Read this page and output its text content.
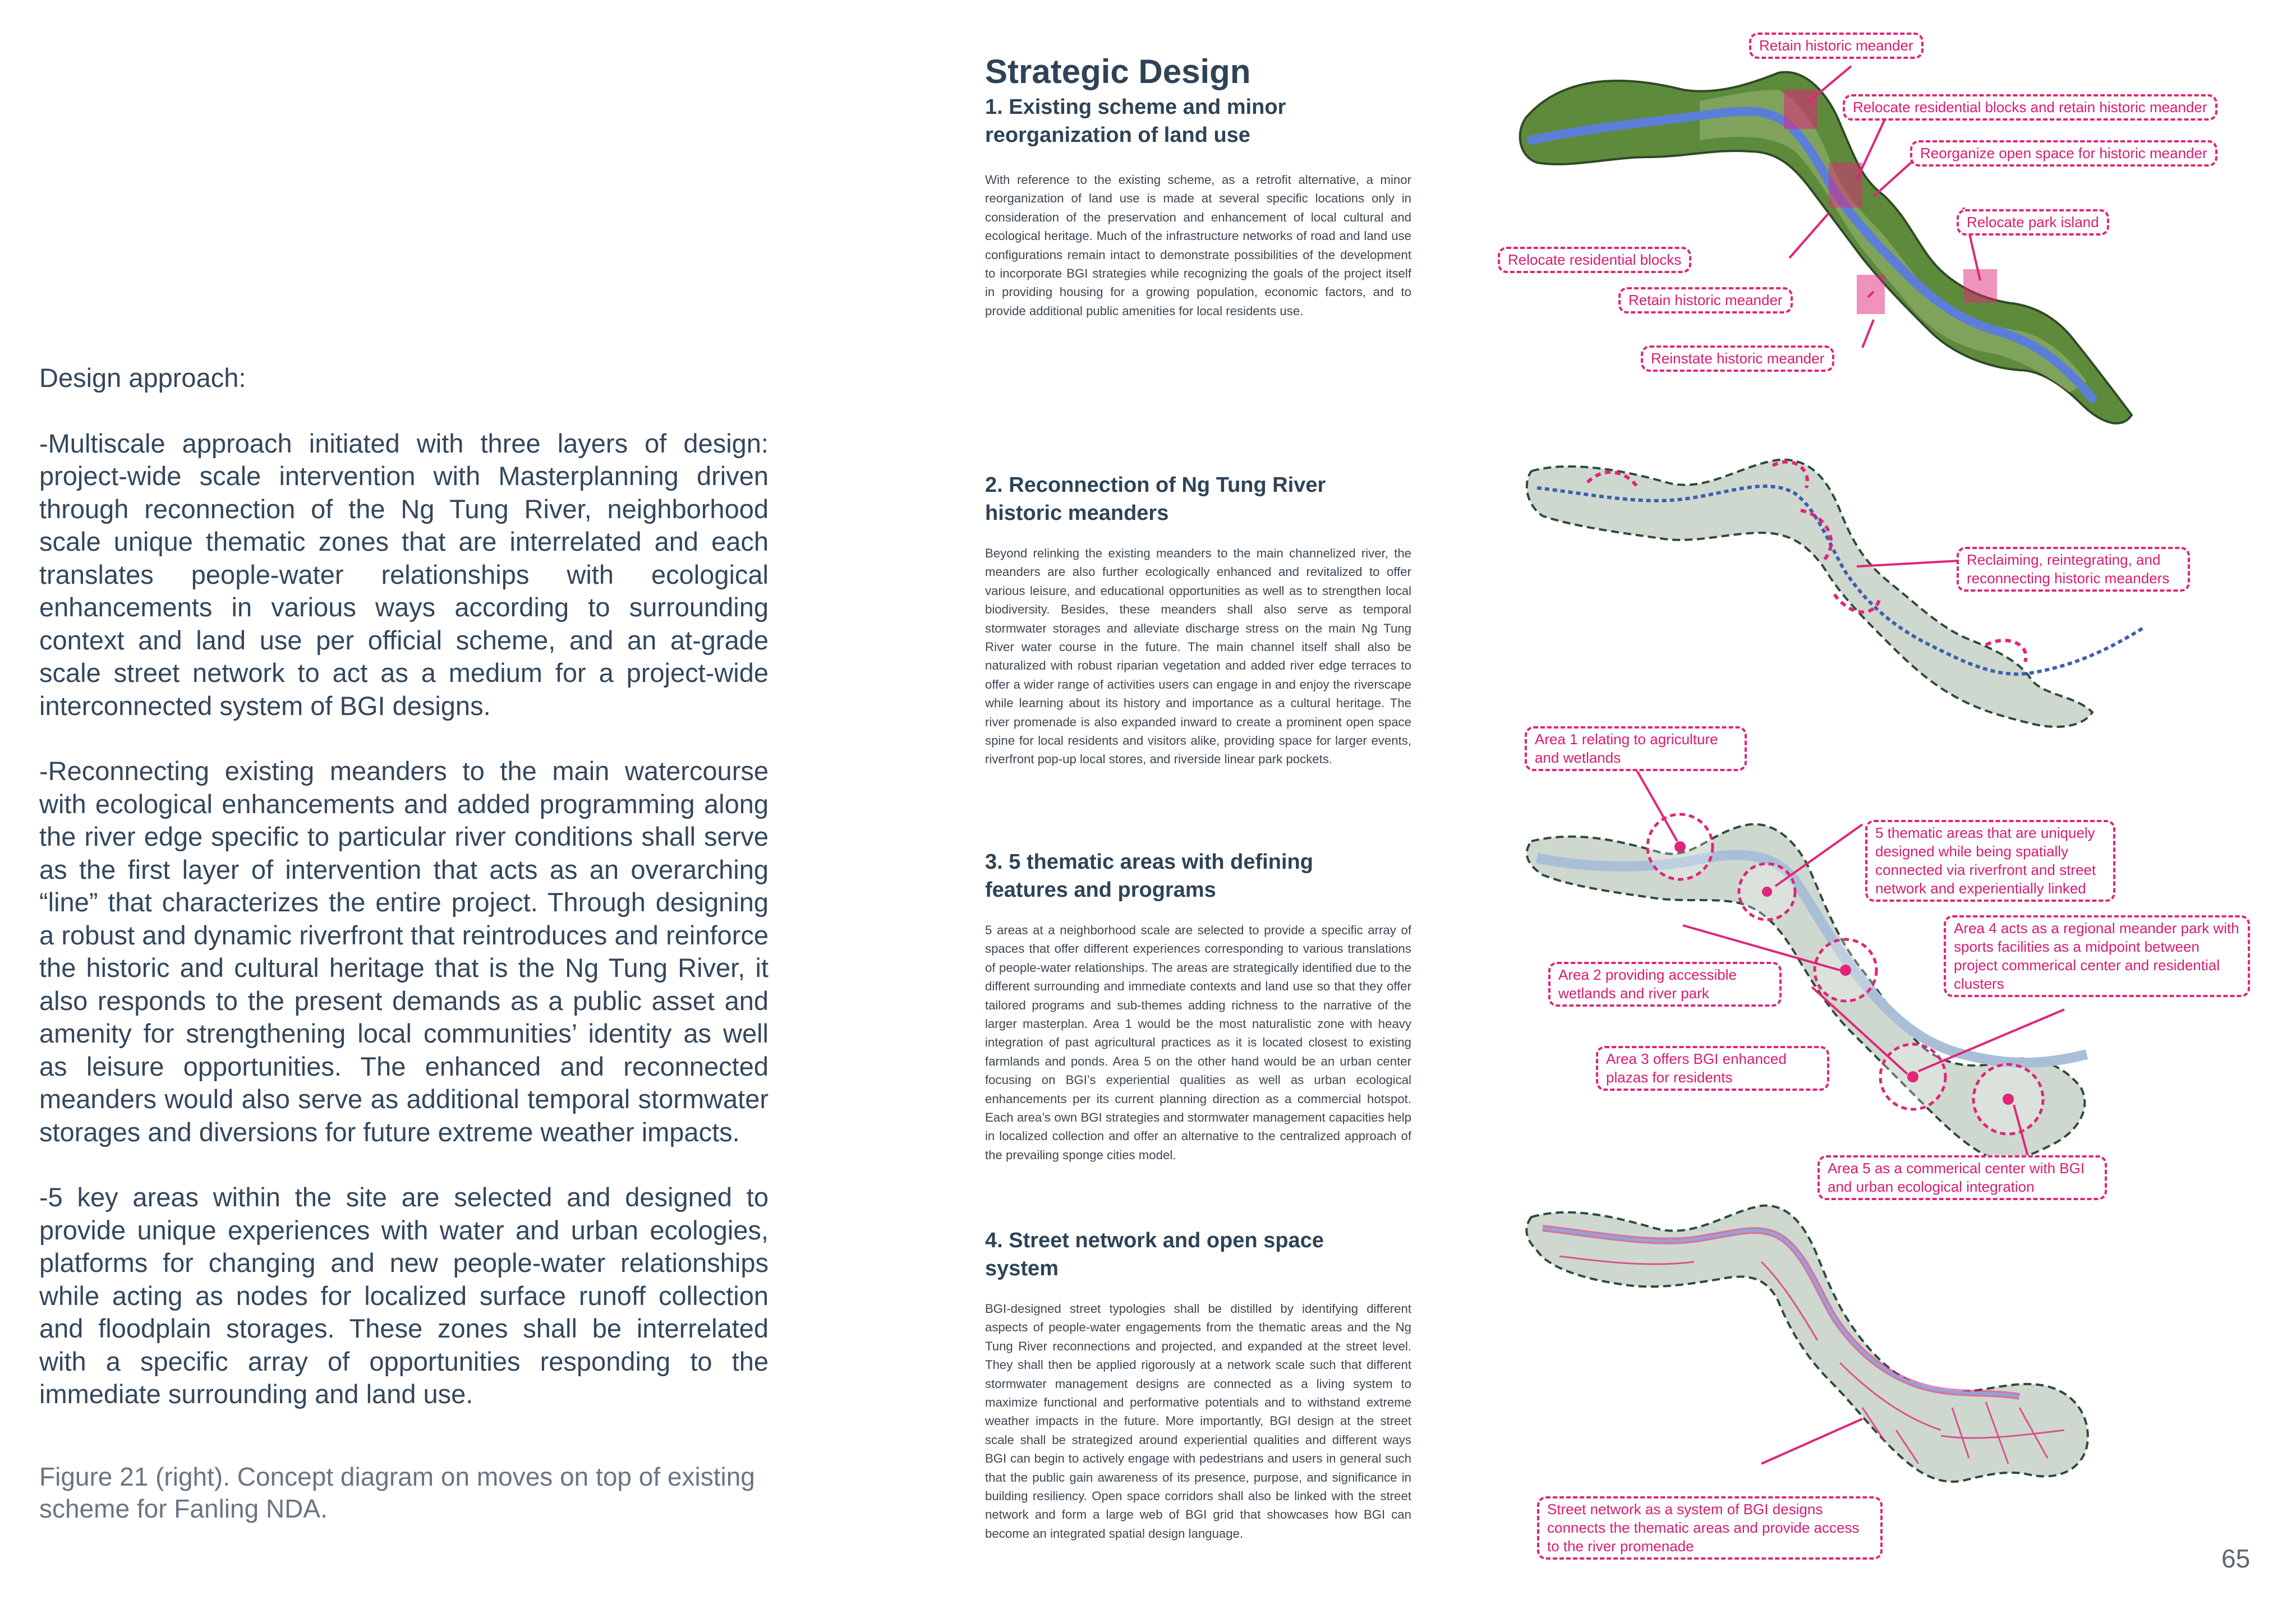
Design approach:

-Multiscale approach initiated with three layers of design: project-wide scale intervention with Masterplanning driven through reconnection of the Ng Tung River, neighborhood scale unique thematic zones that are interrelated and each translates people-water relationships with ecological enhancements in various ways according to surrounding context and land use per official scheme, and an at-grade scale street network to act as a medium for a project-wide interconnected system of BGI designs.

-Reconnecting existing meanders to the main watercourse with ecological enhancements and added programming along the river edge specific to particular river conditions shall serve as the first layer of intervention that acts as an overarching “line” that characterizes the entire project. Through designing a robust and dynamic riverfront that reintroduces and reinforce the historic and cultural heritage that is the Ng Tung River, it also responds to the present demands as a public asset and amenity for strengthening local communities’ identity as well as leisure opportunities. The enhanced and reconnected meanders would also serve as additional temporal stormwater storages and diversions for future extreme weather impacts.

-5 key areas within the site are selected and designed to provide unique experiences with water and urban ecologies, platforms for changing and new people-water relationships while acting as nodes for localized surface runoff collection and floodplain storages. These zones shall be interrelated with a specific array of opportunities responding to the immediate surrounding and land use.

Figure 21 (right). Concept diagram on moves on top of existing scheme for Fanling NDA.
Strategic Design
1. Existing scheme and minor reorganization of land use

With reference to the existing scheme, as a retrofit alternative, a minor reorganization of land use is made at several specific locations only in consideration of the preservation and enhancement of local cultural and ecological heritage. Much of the infrastructure networks of road and land use configurations remain intact to demonstrate possibilities of the development to incorporate BGI strategies while recognizing the goals of the project itself in providing housing for a growing population, economic factors, and to provide additional public amenities for local residents use.

2. Reconnection of Ng Tung River historic meanders

Beyond relinking the existing meanders to the main channelized river, the meanders are also further ecologically enhanced and revitalized to offer various leisure, and educational opportunities as well as to strengthen local biodiversity. Besides, these meanders shall also serve as temporal stormwater storages and alleviate discharge stress on the main Ng Tung River water course in the future. The main channel itself shall also be naturalized with robust riparian vegetation and added river edge terraces to offer a wider range of activities users can engage in and enjoy the riverscape while learning about its history and importance as a cultural heritage. The river promenade is also expanded inward to create a prominent open space spine for local residents and visitors alike, providing space for larger events, riverfront pop-up local stores, and riverside linear park pockets.

3. 5 thematic areas with defining features and programs

5 areas at a neighborhood scale are selected to provide a specific array of spaces that offer different experiences corresponding to various translations of people-water relationships. The areas are strategically identified due to the different surrounding and immediate contexts and land use so that they offer tailored programs and sub-themes adding richness to the narrative of the larger masterplan. Area 1 would be the most naturalistic zone with heavy integration of past agricultural practices as it is located closest to existing farmlands and ponds. Area 5 on the other hand would be an urban center focusing on BGI’s experiential qualities as well as urban ecological enhancements per its current planning direction as a commercial hotspot. Each area’s own BGI strategies and stormwater management capacities help in localized collection and offer an alternative to the centralized approach of the prevailing sponge cities model.

4. Street network and open space system

BGI-designed street typologies shall be distilled by identifying different aspects of people-water engagements from the thematic areas and the Ng Tung River reconnections and projected, and expanded at the street level. They shall then be applied rigorously at a network scale such that different stormwater management designs are connected as a living system to maximize functional and performative potentials and to withstand extreme weather impacts in the future. More importantly, BGI design at the street scale shall be strategized around experiential qualities and different ways BGI can begin to actively engage with pedestrians and users in general such that the public gain awareness of its presence, purpose, and significance in building resiliency. Open space corridors shall also be linked with the street network and form a large web of BGI grid that showcases how BGI can become an integrated spatial design language.

Retain historic meander
Relocate residential blocks and retain historic meander
Reorganize open space for historic meander
Relocate park island
Relocate residential blocks
Retain historic meander
Reinstate historic meander
Reclaiming, reintegrating, and reconnecting historic meanders
Area 1 relating to agriculture and wetlands
5 thematic areas that are uniquely designed while being spatially connected via riverfront and street network and experientially linked
Area 4 acts as a regional meander park with sports facilities as a midpoint between project commerical center and residential clusters
Area 2 providing accessible wetlands and river park
Area 3 offers BGI enhanced plazas for residents
Area 5 as a commerical center with BGI and urban ecological integration
Street network as a system of BGI designs connects the thematic areas and provide access to the river promenade	65
